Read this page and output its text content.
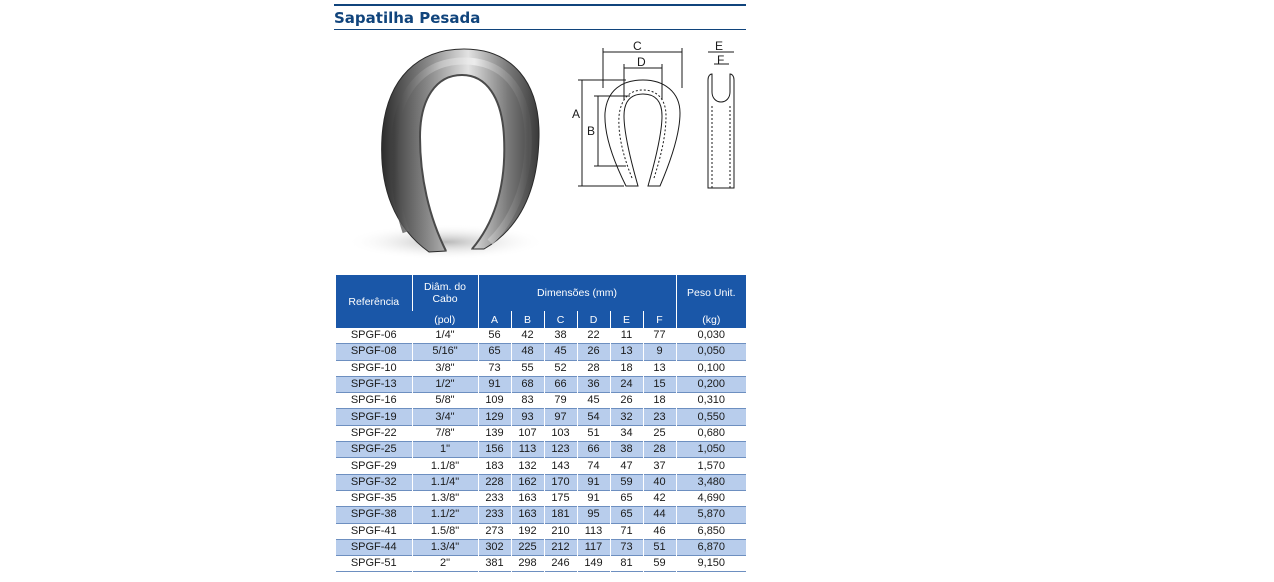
Sapatilha Pesada
C
D
A
B
E
F
Referência	Diâm. do Cabo	Dimensões (mm)						Peso Unit.
	(pol)	A	B	C	D	E	F	(kg)
SPGF-06	1/4"	56	42	38	22	11	77	0,030
SPGF-08	5/16"	65	48	45	26	13	9	0,050
SPGF-10	3/8"	73	55	52	28	18	13	0,100
SPGF-13	1/2"	91	68	66	36	24	15	0,200
SPGF-16	5/8"	109	83	79	45	26	18	0,310
SPGF-19	3/4"	129	93	97	54	32	23	0,550
SPGF-22	7/8"	139	107	103	51	34	25	0,680
SPGF-25	1"	156	113	123	66	38	28	1,050
SPGF-29	1.1/8"	183	132	143	74	47	37	1,570
SPGF-32	1.1/4"	228	162	170	91	59	40	3,480
SPGF-35	1.3/8"	233	163	175	91	65	42	4,690
SPGF-38	1.1/2"	233	163	181	95	65	44	5,870
SPGF-41	1.5/8"	273	192	210	113	71	46	6,850
SPGF-44	1.3/4"	302	225	212	117	73	51	6,870
SPGF-51	2"	381	298	246	149	81	59	9,150
